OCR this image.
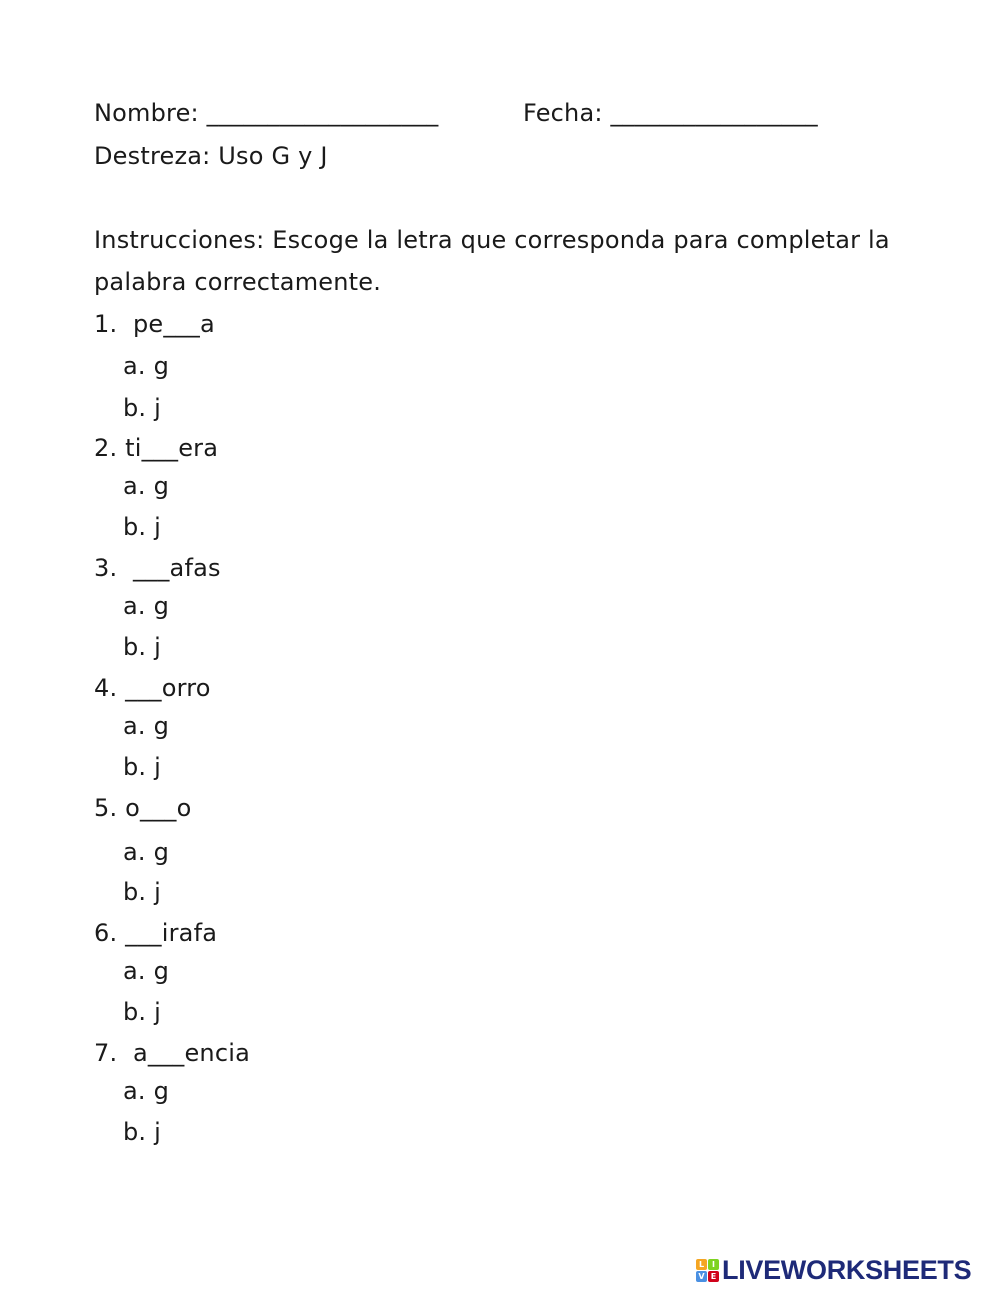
Nombre: ___________________	Fecha: _________________
Destreza: Uso G y J
Instrucciones: Escoge la letra que corresponda para completar la
palabra correctamente.
1.  pe___a
a. g
b. j
2. ti___era
a. g
b. j
3.  ___afas
a. g
b. j
4. ___orro
a. g
b. j
5. o___o
a. g
b. j
6. ___irafa
a. g
b. j
7.  a___encia
a. g
b. j
L I
V E LIVEWORKSHEETS
